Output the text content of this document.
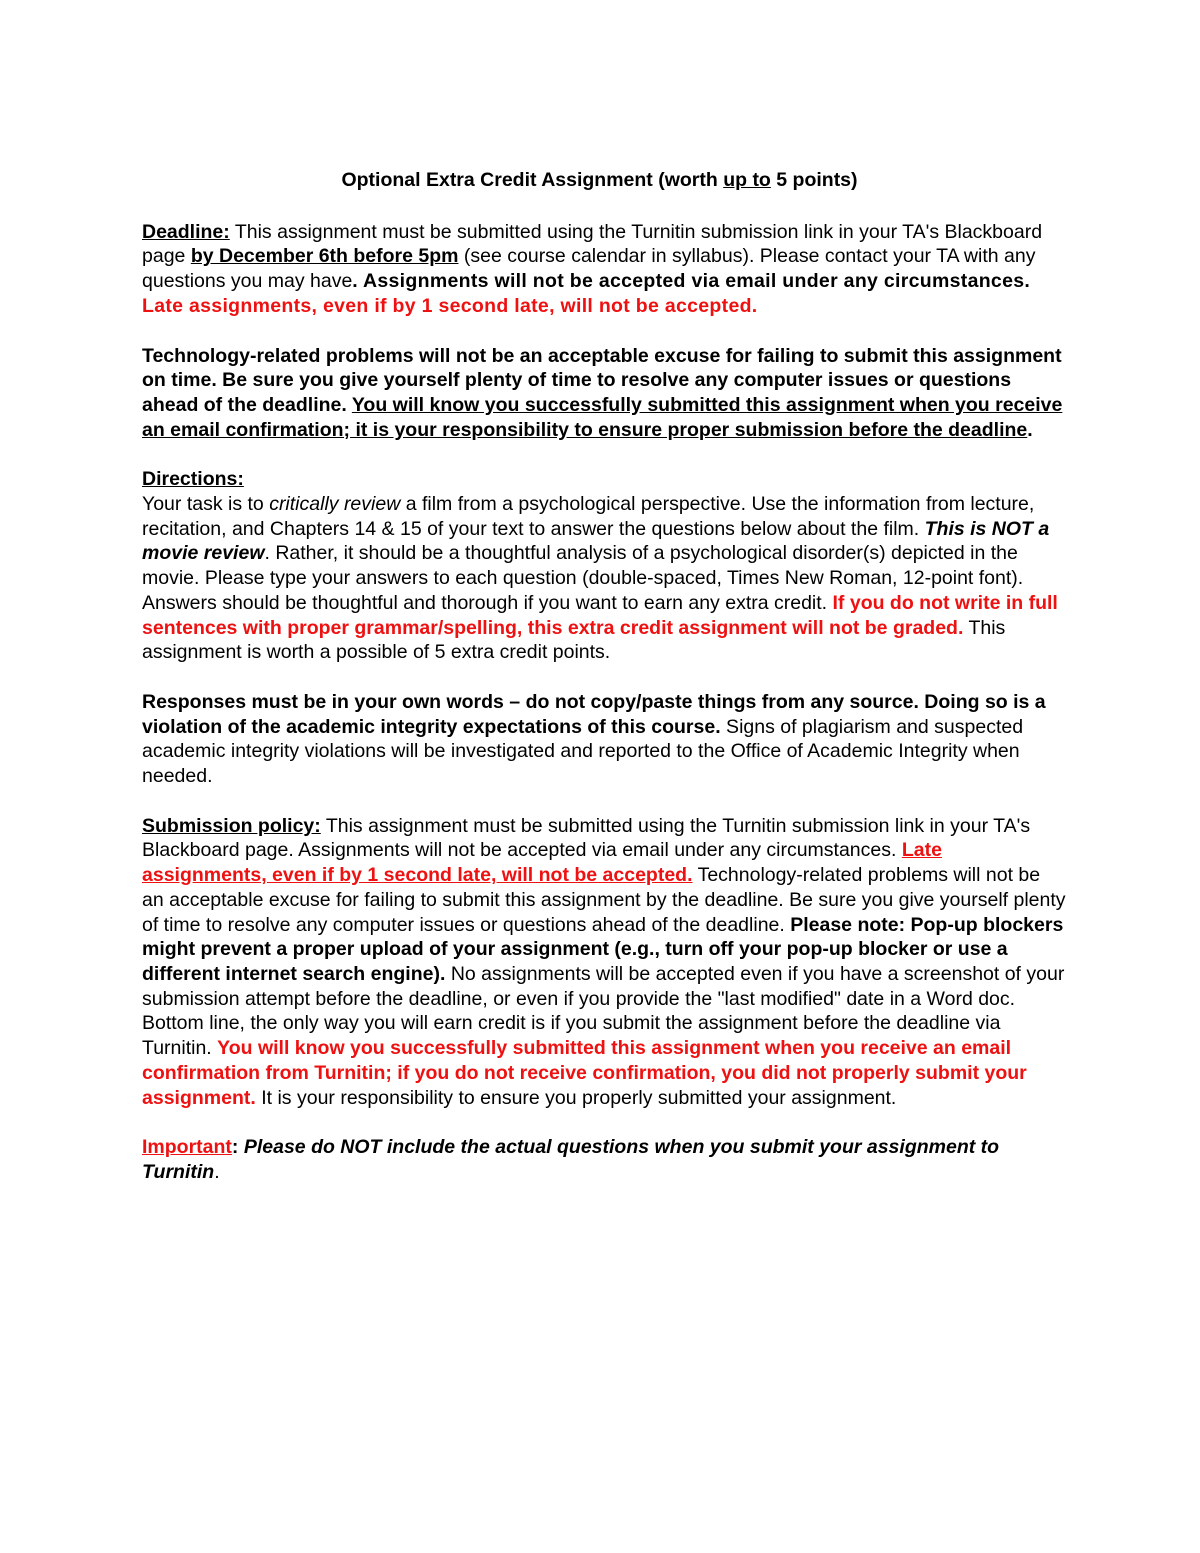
Optional Extra Credit Assignment (worth up to 5 points)

Deadline: This assignment must be submitted using the Turnitin submission link in your TA's Blackboard page by December 6th before 5pm (see course calendar in syllabus). Please contact your TA with any questions you may have. Assignments will not be accepted via email under any circumstances. Late assignments, even if by 1 second late, will not be accepted.

Technology-related problems will not be an acceptable excuse for failing to submit this assignment on time. Be sure you give yourself plenty of time to resolve any computer issues or questions ahead of the deadline. You will know you successfully submitted this assignment when you receive an email confirmation; it is your responsibility to ensure proper submission before the deadline.

Directions:
Your task is to critically review a film from a psychological perspective. Use the information from lecture, recitation, and Chapters 14 & 15 of your text to answer the questions below about the film. This is NOT a movie review. Rather, it should be a thoughtful analysis of a psychological disorder(s) depicted in the movie. Please type your answers to each question (double-spaced, Times New Roman, 12-point font). Answers should be thoughtful and thorough if you want to earn any extra credit. If you do not write in full sentences with proper grammar/spelling, this extra credit assignment will not be graded. This assignment is worth a possible of 5 extra credit points.

Responses must be in your own words – do not copy/paste things from any source. Doing so is a violation of the academic integrity expectations of this course. Signs of plagiarism and suspected academic integrity violations will be investigated and reported to the Office of Academic Integrity when needed.

Submission policy: This assignment must be submitted using the Turnitin submission link in your TA's Blackboard page. Assignments will not be accepted via email under any circumstances. Late assignments, even if by 1 second late, will not be accepted. Technology-related problems will not be an acceptable excuse for failing to submit this assignment by the deadline. Be sure you give yourself plenty of time to resolve any computer issues or questions ahead of the deadline. Please note: Pop-up blockers might prevent a proper upload of your assignment (e.g., turn off your pop-up blocker or use a different internet search engine). No assignments will be accepted even if you have a screenshot of your submission attempt before the deadline, or even if you provide the "last modified" date in a Word doc. Bottom line, the only way you will earn credit is if you submit the assignment before the deadline via Turnitin. You will know you successfully submitted this assignment when you receive an email confirmation from Turnitin; if you do not receive confirmation, you did not properly submit your assignment. It is your responsibility to ensure you properly submitted your assignment.

Important: Please do NOT include the actual questions when you submit your assignment to Turnitin.
